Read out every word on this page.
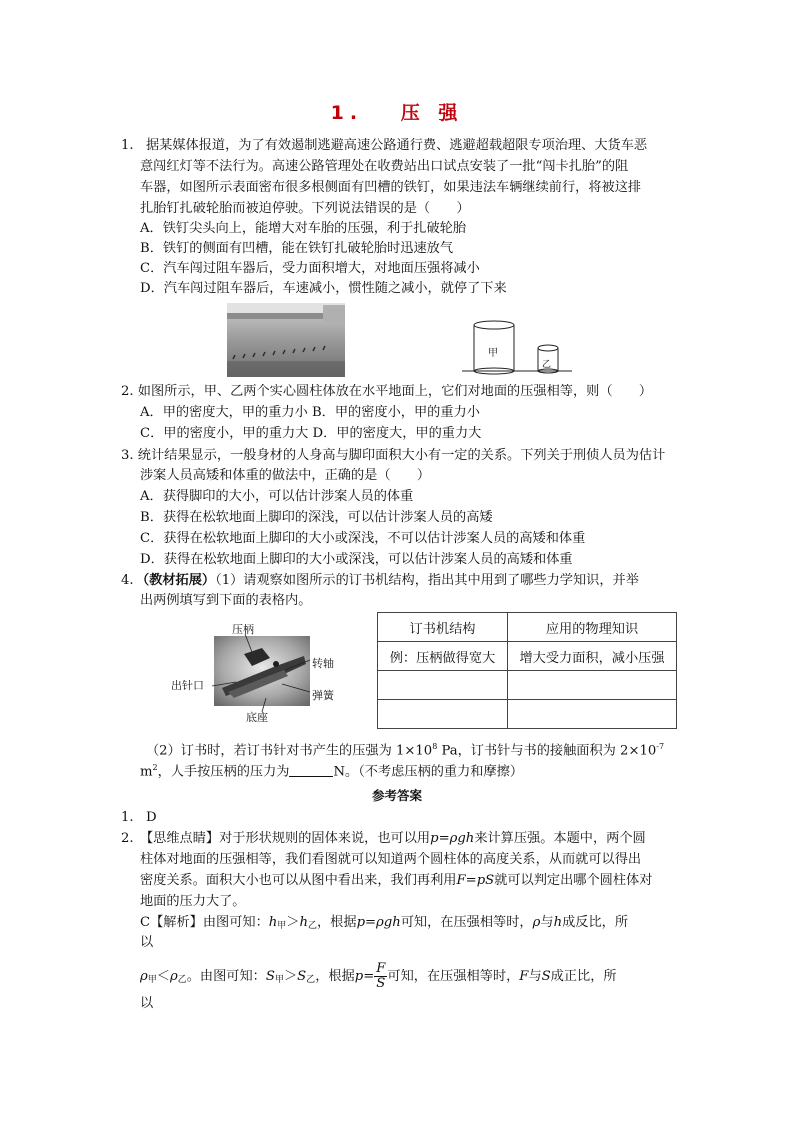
1.　 压 强
1. 据某媒体报道，为了有效遏制逃避高速公路通行费、逃避超载超限专项治理、大货车恶
意闯红灯等不法行为。高速公路管理处在收费站出口试点安装了一批“闯卡扎胎”的阻
车器，如图所示表面密布很多根侧面有凹槽的铁钉，如果违法车辆继续前行，将被这排
扎胎钉扎破轮胎而被迫停驶。下列说法错误的是（　　）
A．铁钉尖头向上，能增大对车胎的压强，利于扎破轮胎
B．铁钉的侧面有凹槽，能在铁钉扎破轮胎时迅速放气
C．汽车闯过阻车器后，受力面积增大，对地面压强将减小
D．汽车闯过阻车器后，车速减小，惯性随之减小，就停了下来
甲
乙
2. 如图所示，甲、乙两个实心圆柱体放在水平地面上，它们对地面的压强相等，则（　　）
A．甲的密度大，甲的重力小 B．甲的密度小，甲的重力小
C．甲的密度小，甲的重力大 D．甲的密度大，甲的重力大
3. 统计结果显示，一般身材的人身高与脚印面积大小有一定的关系。下列关于刑侦人员为估计
涉案人员高矮和体重的做法中，正确的是（　　）
A．获得脚印的大小，可以估计涉案人员的体重
B．获得在松软地面上脚印的深浅，可以估计涉案人员的高矮
C．获得在松软地面上脚印的大小或深浅，不可以估计涉案人员的高矮和体重
D．获得在松软地面上脚印的大小或深浅，可以估计涉案人员的高矮和体重
4. （教材拓展）（1）请观察如图所示的订书机结构，指出其中用到了哪些力学知识，并举
出两例填写到下面的表格内。
压柄
转轴
出针口
弹簧
底座
订书机结构	应用的物理知识
例：压柄做得宽大	增大受力面积，减小压强

（2）订书时，若订书针对书产生的压强为 $1\times 10^8$ Pa，订书针与书的接触面积为 $2\times 10^{-7}$
$m^2$，人手按压柄的压力为	N。（不考虑压柄的重力和摩擦）
参考答案
1. D
2. 【思维点睛】对于形状规则的固体来说，也可以用p=ρgh来计算压强。本题中，两个圆
柱体对地面的压强相等，我们看图就可以知道两个圆柱体的高度关系，从而就可以得出
密度关系。面积大小也可以从图中看出来，我们再利用F=pS就可以判定出哪个圆柱体对
地面的压力大了。
C【解析】由图可知：$h_甲>h_乙$，根据p=ρgh可知，在压强相等时，ρ与h成反比，所
以
$\rho_甲<\rho_乙$。由图可知：$S_甲>S_乙$，根据$p= \frac{F}{S}$ 可知，在压强相等时，F与S成正比，所
以
